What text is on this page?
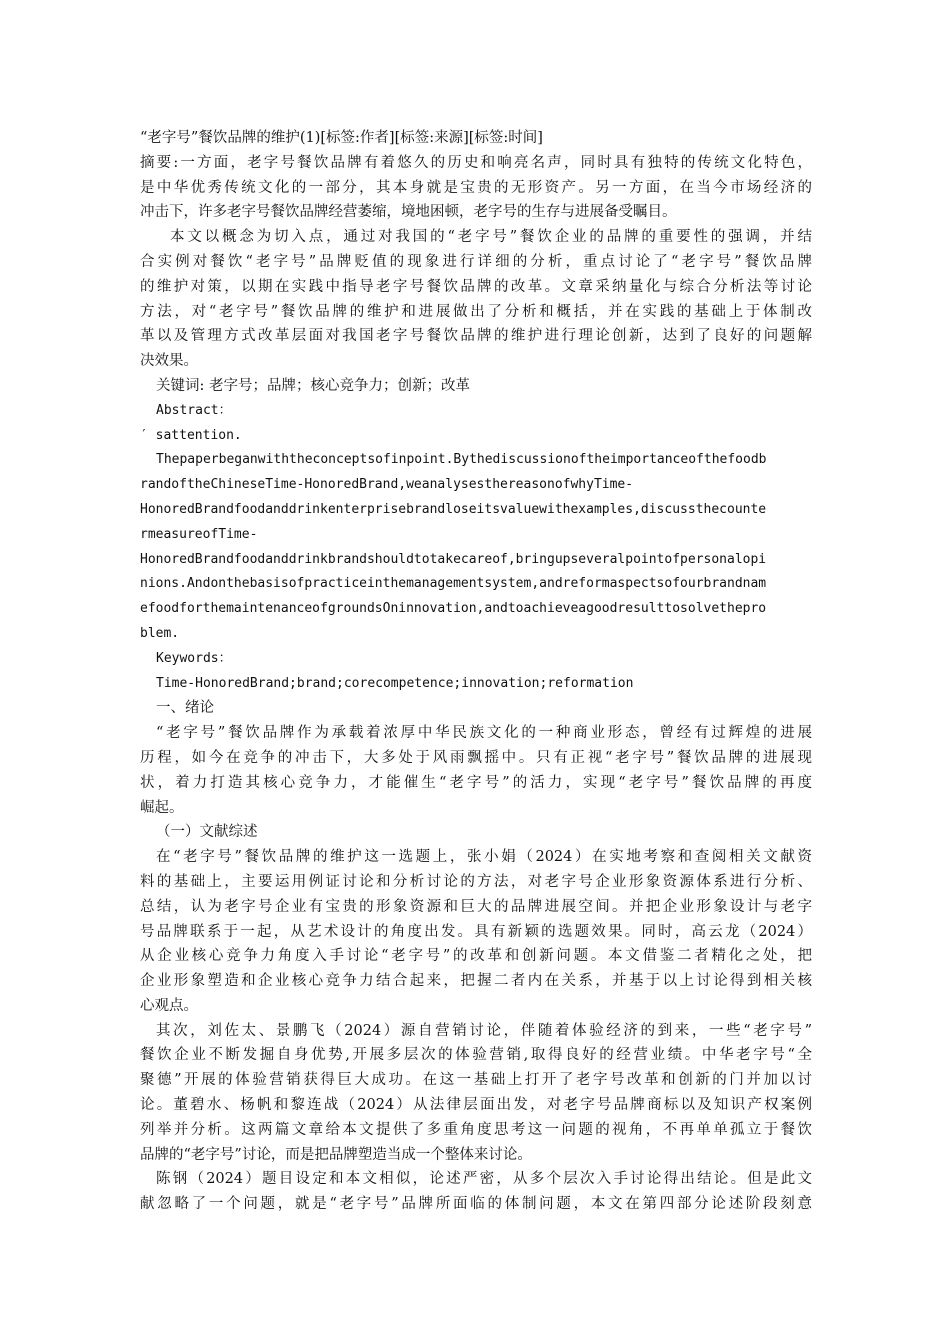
“老字号”餐饮品牌的维护(1)[标签:作者][标签:来源][标签:时间]
摘要:一方面，老字号餐饮品牌有着悠久的历史和响亮名声，同时具有独特的传统文化特色，
是中华优秀传统文化的一部分，其本身就是宝贵的无形资产。另一方面，在当今市场经济的
冲击下，许多老字号餐饮品牌经营萎缩，境地困顿，老字号的生存与进展备受瞩目。
本文以概念为切入点，通过对我国的“老字号”餐饮企业的品牌的重要性的强调，并结
合实例对餐饮“老字号”品牌贬值的现象进行详细的分析，重点讨论了“老字号”餐饮品牌
的维护对策，以期在实践中指导老字号餐饮品牌的改革。文章采纳量化与综合分析法等讨论
方法，对“老字号”餐饮品牌的维护和进展做出了分析和概括，并在实践的基础上于体制改
革以及管理方式改革层面对我国老字号餐饮品牌的维护进行理论创新，达到了良好的问题解
决效果。
关键词: 老字号；品牌；核心竞争力；创新；改革
Abstract：
′ sattention.
Thepaperbeganwiththeconceptsofinpoint.Bythediscussionoftheimportanceofthefoodb
randoftheChineseTime-HonoredBrand,weanalysesthereasonofwhyTime-
HonoredBrandfoodanddrinkenterprisebrandloseitsvaluewithexamples,discussthecounte
rmeasureofTime-
HonoredBrandfoodanddrinkbrandshouldtotakecareof,bringupseveralpointofpersonalopi
nions.Andonthebasisofpracticeinthemanagementsystem,andreformaspectsofourbrandnam
efoodforthemaintenanceofgroundsOninnovation,andtoachieveagoodresulttosolvethepro
blem.
Keywords：
Time-HonoredBrand;brand;corecompetence;innovation;reformation
一、绪论
“老字号”餐饮品牌作为承载着浓厚中华民族文化的一种商业形态，曾经有过辉煌的进展
历程，如今在竞争的冲击下，大多处于风雨飘摇中。只有正视“老字号”餐饮品牌的进展现
状，着力打造其核心竞争力，才能催生“老字号”的活力，实现“老字号”餐饮品牌的再度
崛起。
（一）文献综述
在“老字号”餐饮品牌的维护这一选题上，张小娟（2024）在实地考察和查阅相关文献资
料的基础上，主要运用例证讨论和分析讨论的方法，对老字号企业形象资源体系进行分析、
总结，认为老字号企业有宝贵的形象资源和巨大的品牌进展空间。并把企业形象设计与老字
号品牌联系于一起，从艺术设计的角度出发。具有新颖的选题效果。同时，高云龙（2024）
从企业核心竞争力角度入手讨论“老字号”的改革和创新问题。本文借鉴二者精化之处，把
企业形象塑造和企业核心竞争力结合起来，把握二者内在关系，并基于以上讨论得到相关核
心观点。
其次，刘佐太、景鹏飞（2024）源自营销讨论，伴随着体验经济的到来，一些“老字号”
餐饮企业不断发掘自身优势,开展多层次的体验营销,取得良好的经营业绩。中华老字号“全
聚德”开展的体验营销获得巨大成功。在这一基础上打开了老字号改革和创新的门并加以讨
论。董碧水、杨帆和黎连战（2024）从法律层面出发，对老字号品牌商标以及知识产权案例
列举并分析。这两篇文章给本文提供了多重角度思考这一问题的视角，不再单单孤立于餐饮
品牌的“老字号”讨论，而是把品牌塑造当成一个整体来讨论。
陈钢（2024）题目设定和本文相似，论述严密，从多个层次入手讨论得出结论。但是此文
献忽略了一个问题，就是“老字号”品牌所面临的体制问题，本文在第四部分论述阶段刻意
